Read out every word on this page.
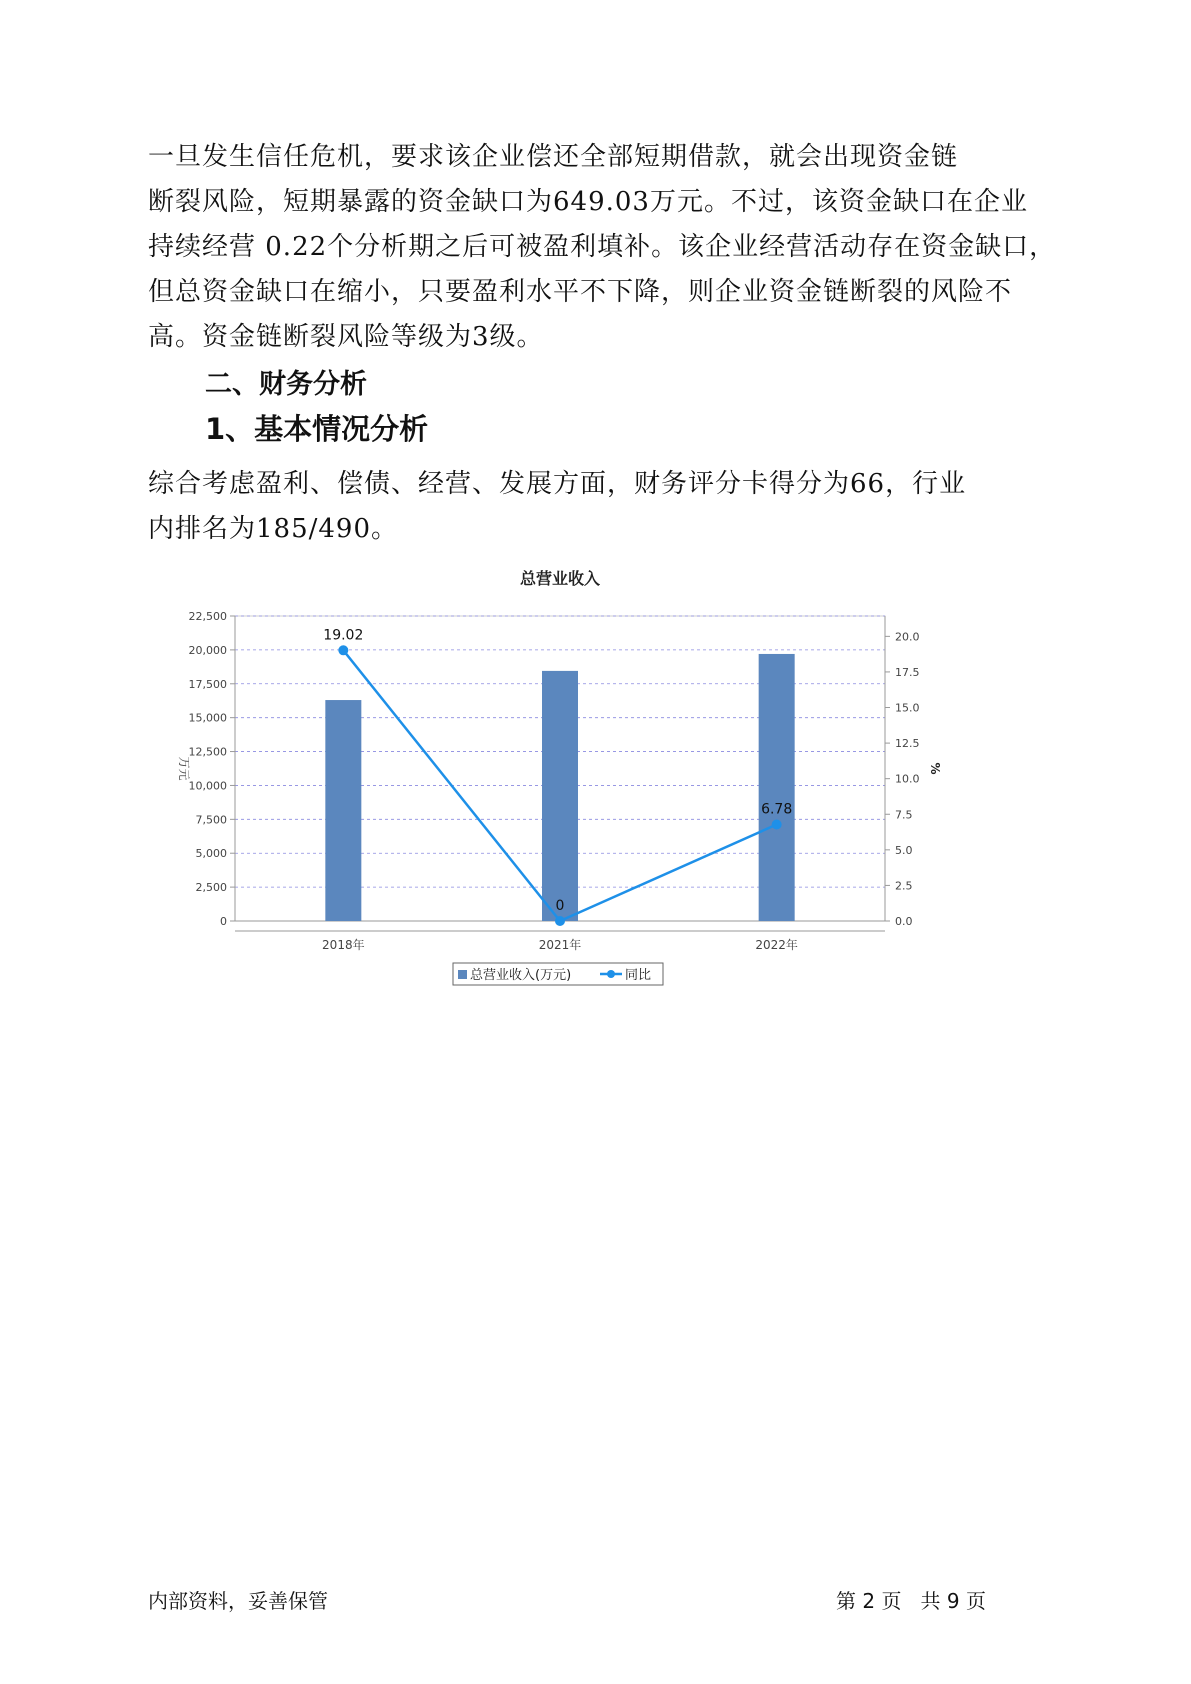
一旦发生信任危机，要求该企业偿还全部短期借款，就会出现资金链
断裂风险，短期暴露的资金缺口为649.03万元。不过，该资金缺口在企业
持续经营 0.22个分析期之后可被盈利填补。该企业经营活动存在资金缺口，
但总资金缺口在缩小，只要盈利水平不下降，则企业资金链断裂的风险不
高。资金链断裂风险等级为3级。
二、财务分析
1、基本情况分析
综合考虑盈利、偿债、经营、发展方面，财务评分卡得分为66，行业
内排名为185/490。
总营业收入
0
2,500
5,000
7,500
10,000
12,500
15,000
17,500
20,000
22,500
0.0
2.5
5.0
7.5
10.0
12.5
15.0
17.5
20.0
万元	%
2018年	2021年	2022年
19.02
0
6.78
总营业收入(万元)	同比
内部资料，妥善保管	第 2 页   共 9 页
